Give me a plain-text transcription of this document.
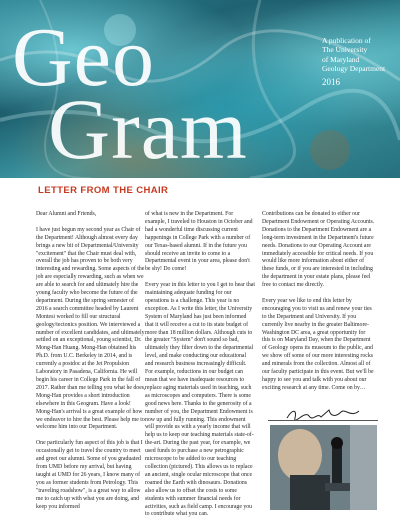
Geo
Gram
A publication of
The University
of Maryland
Geology Department
2016
LETTER FROM THE CHAIR

Dear Alumni and Friends,

I have just begun my second year as Chair of the Department! Although almost every day brings a new bit of Departmental/University "excitement" that the Chair must deal with, overall the job has proven to be both very interesting and rewarding. Some aspects of the job are especially rewarding, such as when we are able to search for and ultimately hire the young faculty who become the future of the department. During the spring semester of 2016 a search committee headed by Laurent Montesi worked to fill our structural geology/tectonics position. We interviewed a number of excellent candidates, and ultimately settled on an exceptional, young scientist, Dr. Mong-Han Huang. Mong-Han obtained his Ph.D. from U.C. Berkeley in 2014, and is currently a postdoc at the Jet Propulsion Laboratory in Pasadena, California. He will begin his career in College Park in the fall of 2017. Rather than me telling you what he does, Mong-Han provides a short introduction elsewhere in this Geogram. Have a look! Mong-Han's arrival is a great example of how we endeavor to hire the best. Please help me to welcome him into our Department.

One particularly fun aspect of this job is that I occasionally get to travel the country to meet and greet our alumni. Some of you graduated from UMD before my arrival, but having taught at UMD for 26 years, I know many of you as former students from Petrology. This "traveling roadshow", is a great way to allow me to catch up with what you are doing, and keep you informed

of what is new in the Department. For example, I traveled to Houston in October and had a wonderful time discussing current happenings in College Park with a number of our Texas-based alumni. If in the future you should receive an invite to come to a Departmental event in your area, please don't be shy! Do come!

Every year in this letter to you I get to hear that maintaining adequate funding for our operations is a challenge. This year is no exception. As I write this letter, the University System of Maryland has just been informed that it will receive a cut to its state budget of more than 18 million dollars. Although cuts to the greater "System" don't sound so bad, ultimately they filter down to the departmental level, and make conducting our educational and research business increasingly difficult. For example, reductions in our budget can mean that we have inadequate resources to replace aging materials used in teaching, such as microscopes and computers. There is some good news here. Thanks to the generosity of a number of you, the Department Endowment is now up and fully running. This endowment will provide us with a yearly income that will help us to keep our teaching materials state-of-the-art. During the past year, for example, we used funds to purchase a new petrographic microscope to be added to our teaching collection (pictured). This allows us to replace an ancient, single ocular microscope that once roamed the Earth with dinosaurs. Donations also allow us to offset the costs to some students with summer financial needs for activities, such as field camp. I encourage you to contribute what you can.

Contributions can be donated to either our Department Endowment or Operating Accounts. Donations to the Department Endowment are a long-term investment in the Department's future needs. Donations to our Operating Account are immediately accessible for critical needs. If you would like more information about either of these funds, or if you are interested in including the department in your estate plans, please feel free to contact me directly.

Every year we like to end this letter by encouraging you to visit us and renew your ties to the Department and University. If you currently live nearby in the greater Baltimore-Washington DC area, a great opportunity for this is on Maryland Day, when the Department of Geology opens its museum to the public, and we show off some of our more interesting rocks and minerals from the collection. Almost all of our faculty participate in this event. But we'll be happy to see you and talk with you about our exciting research at any time. Come on by…
